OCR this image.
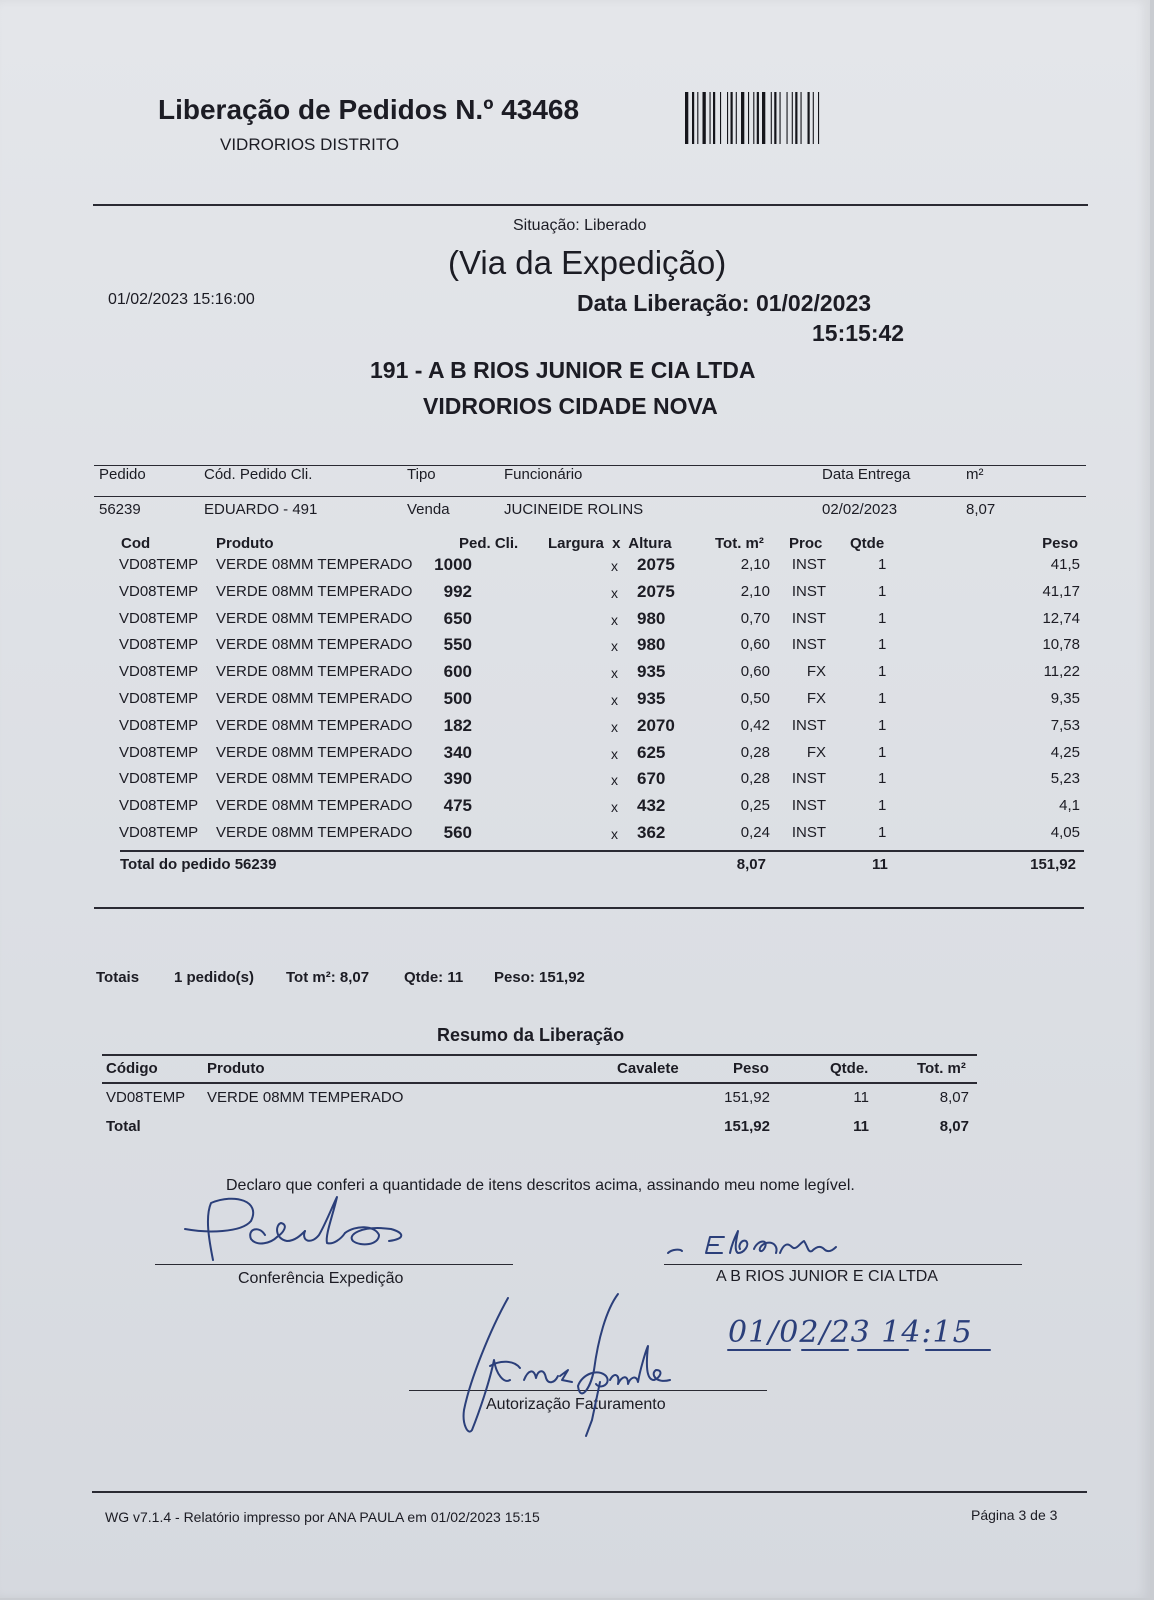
Liberação de Pedidos N.º 43468
VIDRORIOS DISTRITO
Situação: Liberado
(Via da Expedição)
01/02/2023 15:16:00	Data Liberação: 01/02/2023
15:15:42
191 - A B RIOS JUNIOR E CIA LTDA
VIDRORIOS CIDADE NOVA
Pedido	Cód. Pedido Cli.	Tipo	Funcionário	Data Entrega	m²
56239	EDUARDO - 491	Venda	JUCINEIDE ROLINS	02/02/2023	8,07
Cod	Produto	Ped. Cli. Largura  x  Altura	Tot. m² Proc Qtde	Peso
VD08TEMP VERDE 08MM TEMPERADO 1000	x 2075	2,10 INST	1	41,5
VD08TEMP VERDE 08MM TEMPERADO 992	x 2075	2,10 INST	1	41,17
VD08TEMP VERDE 08MM TEMPERADO 650	x 980	0,70 INST	1	12,74
VD08TEMP VERDE 08MM TEMPERADO 550	x 980	0,60 INST	1	10,78
VD08TEMP VERDE 08MM TEMPERADO 600	x 935	0,60 FX	1	11,22
VD08TEMP VERDE 08MM TEMPERADO 500	x 935	0,50 FX	1	9,35
VD08TEMP VERDE 08MM TEMPERADO 182	x 2070	0,42 INST	1	7,53
VD08TEMP VERDE 08MM TEMPERADO 340	x 625	0,28 FX	1	4,25
VD08TEMP VERDE 08MM TEMPERADO 390	x 670	0,28 INST	1	5,23
VD08TEMP VERDE 08MM TEMPERADO 475	x 432	0,25 INST	1	4,1
VD08TEMP VERDE 08MM TEMPERADO 560	x 362	0,24 INST	1	4,05
Total do pedido 56239	8,07	11	151,92
Totais 1 pedido(s) Tot m²: 8,07 Qtde: 11 Peso: 151,92
Resumo da Liberação
Código	Produto	Cavalete	Peso	Qtde.	Tot. m²
VD08TEMP VERDE 08MM TEMPERADO	151,92	11	8,07
Total	151,92	11	8,07
Declaro que conferi a quantidade de itens descritos acima, assinando meu nome legível.
Conferência Expedição	A B RIOS JUNIOR E CIA LTDA
Autorização Faturamento
01/02/23 14:15
WG v7.1.4 - Relatório impresso por ANA PAULA em 01/02/2023 15:15	Página 3 de 3
